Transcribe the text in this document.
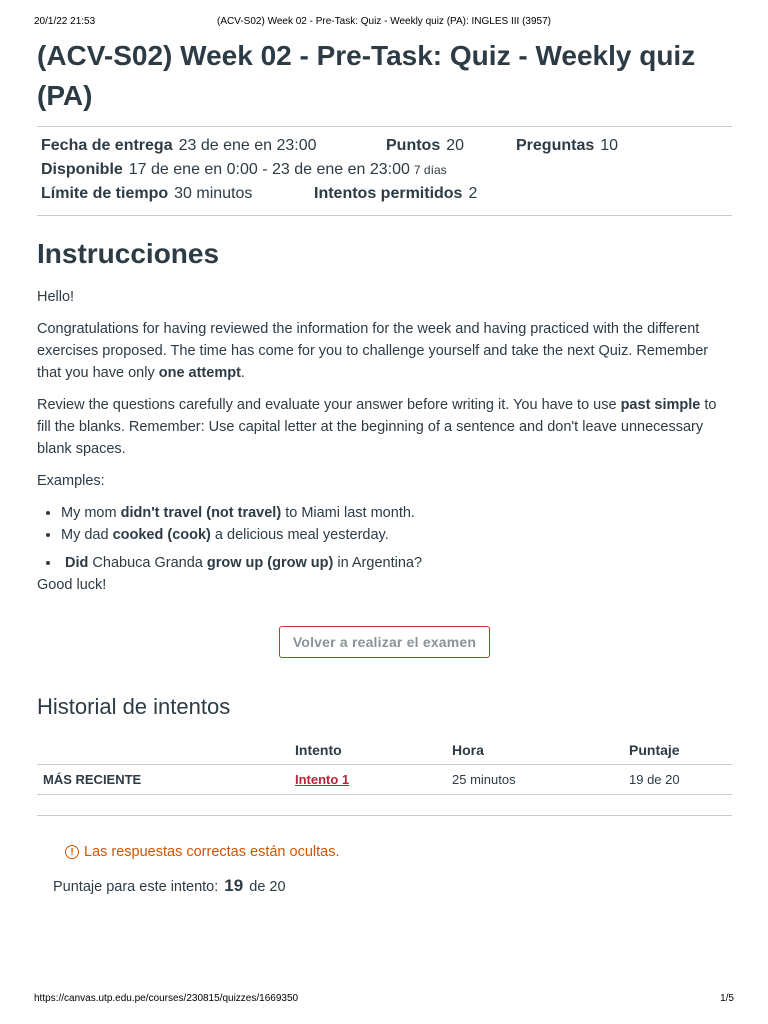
20/1/22 21:53	(ACV-S02) Week 02 - Pre-Task: Quiz - Weekly quiz (PA): INGLES III (3957)
(ACV-S02) Week 02 - Pre-Task: Quiz - Weekly quiz (PA)
Fecha de entrega 23 de ene en 23:00	Puntos 20	Preguntas 10
Disponible 17 de ene en 0:00 - 23 de ene en 23:00 7 días
Límite de tiempo 30 minutos	Intentos permitidos 2
Instrucciones

Hello!

Congratulations for having reviewed the information for the week and having practiced with the different exercises proposed. The time has come for you to challenge yourself and take the next Quiz. Remember that you have only one attempt.

Review the questions carefully and evaluate your answer before writing it. You have to use past simple to fill the blanks. Remember: Use capital letter at the beginning of a sentence and don't leave unnecessary blank spaces.

Examples:

• My mom didn't travel (not travel) to Miami last month.
• My dad cooked (cook) a delicious meal yesterday.
• Did Chabuca Granda grow up (grow up) in Argentina?

Good luck!

Volver a realizar el examen
Historial de intentos
	Intento	Hora	Puntaje
MÁS RECIENTE	Intento 1	25 minutos	19 de 20
! Las respuestas correctas están ocultas.
Puntaje para este intento: 19 de 20
https://canvas.utp.edu.pe/courses/230815/quizzes/1669350	1/5
